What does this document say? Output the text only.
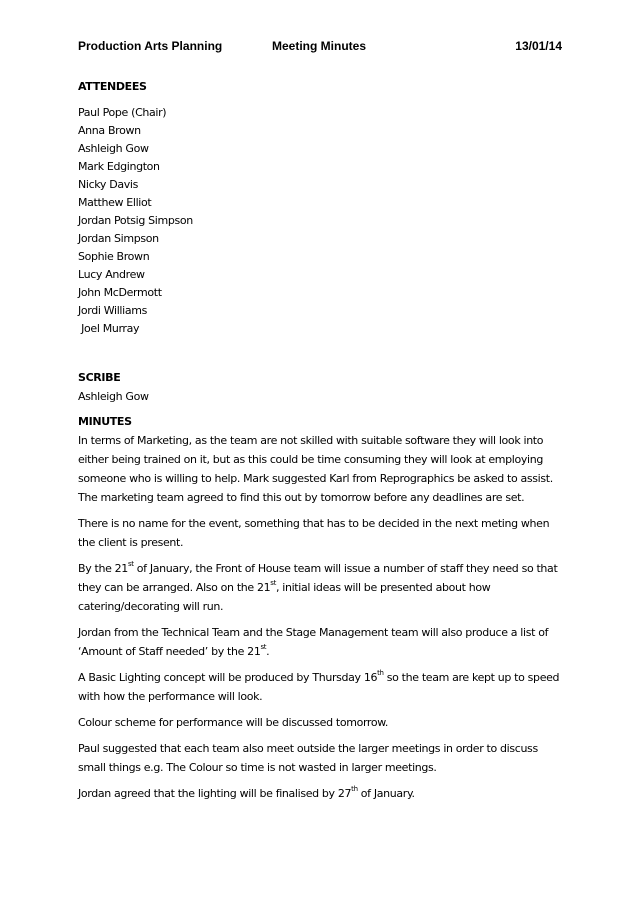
Production Arts Planning	Meeting Minutes	13/01/14
ATTENDEES
Paul Pope (Chair)
Anna Brown
Ashleigh Gow
Mark Edgington
Nicky Davis
Matthew Elliot
Jordan Potsig Simpson
Jordan Simpson
Sophie Brown
Lucy Andrew
John McDermott
Jordi Williams
Joel Murray
SCRIBE
Ashleigh Gow

MINUTES

In terms of Marketing, as the team are not skilled with suitable software they will look into either being trained on it, but as this could be time consuming they will look at employing someone who is willing to help. Mark suggested Karl from Reprographics be asked to assist. The marketing team agreed to find this out by tomorrow before any deadlines are set.

There is no name for the event, something that has to be decided in the next meting when the client is present.

By the 21st of January, the Front of House team will issue a number of staff they need so that they can be arranged. Also on the 21st, initial ideas will be presented about how catering/decorating will run.

Jordan from the Technical Team and the Stage Management team will also produce a list of ‘Amount of Staff needed’ by the 21st.

A Basic Lighting concept will be produced by Thursday 16th so the team are kept up to speed with how the performance will look.

Colour scheme for performance will be discussed tomorrow.

Paul suggested that each team also meet outside the larger meetings in order to discuss small things e.g. The Colour so time is not wasted in larger meetings.

Jordan agreed that the lighting will be finalised by 27th of January.
